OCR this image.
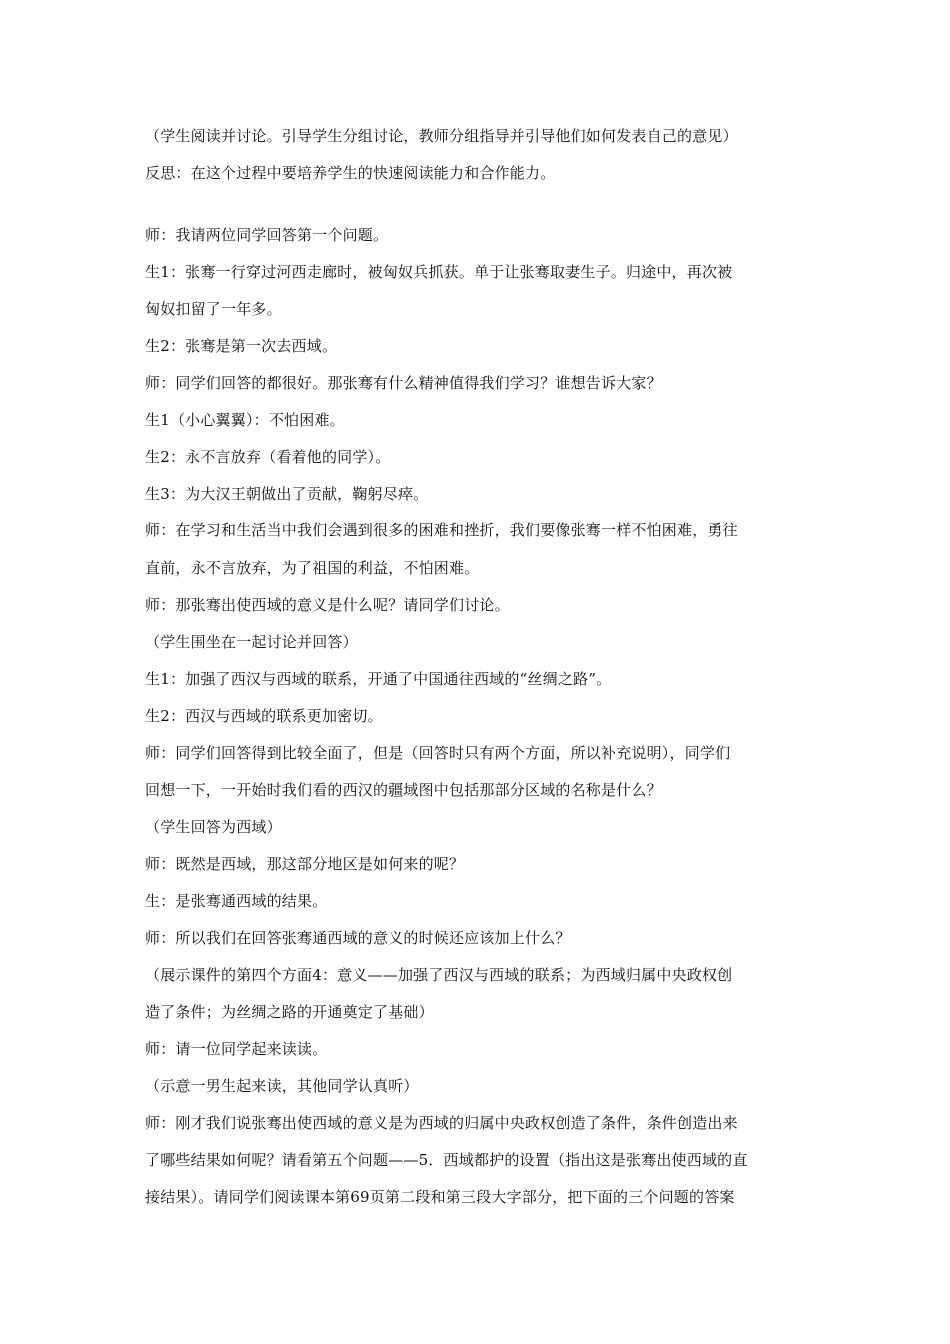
（学生阅读并讨论。引导学生分组讨论，教师分组指导并引导他们如何发表自己的意见）
反思：在这个过程中要培养学生的快速阅读能力和合作能力。
师：我请两位同学回答第一个问题。
生1：张骞一行穿过河西走廊时，被匈奴兵抓获。单于让张骞取妻生子。归途中，再次被
匈奴扣留了一年多。
生2：张骞是第一次去西域。
师：同学们回答的都很好。那张骞有什么精神值得我们学习？谁想告诉大家？
生1（小心翼翼）：不怕困难。
生2：永不言放弃（看着他的同学）。
生3：为大汉王朝做出了贡献，鞠躬尽瘁。
师：在学习和生活当中我们会遇到很多的困难和挫折，我们要像张骞一样不怕困难，勇往
直前，永不言放弃，为了祖国的利益，不怕困难。
师：那张骞出使西域的意义是什么呢？请同学们讨论。
（学生围坐在一起讨论并回答）
生1：加强了西汉与西域的联系，开通了中国通往西域的“丝绸之路”。
生2：西汉与西域的联系更加密切。
师：同学们回答得到比较全面了，但是（回答时只有两个方面，所以补充说明），同学们
回想一下，一开始时我们看的西汉的疆域图中包括那部分区域的名称是什么？
（学生回答为西域）
师：既然是西域，那这部分地区是如何来的呢？
生：是张骞通西域的结果。
师：所以我们在回答张骞通西域的意义的时候还应该加上什么？
（展示课件的第四个方面4：意义——加强了西汉与西域的联系；为西域归属中央政权创
造了条件；为丝绸之路的开通奠定了基础）
师：请一位同学起来读读。
（示意一男生起来读，其他同学认真听）
师：刚才我们说张骞出使西域的意义是为西域的归属中央政权创造了条件，条件创造出来
了哪些结果如何呢？请看第五个问题——5．西域都护的设置（指出这是张骞出使西域的直
接结果）。请同学们阅读课本第69页第二段和第三段大字部分，把下面的三个问题的答案
